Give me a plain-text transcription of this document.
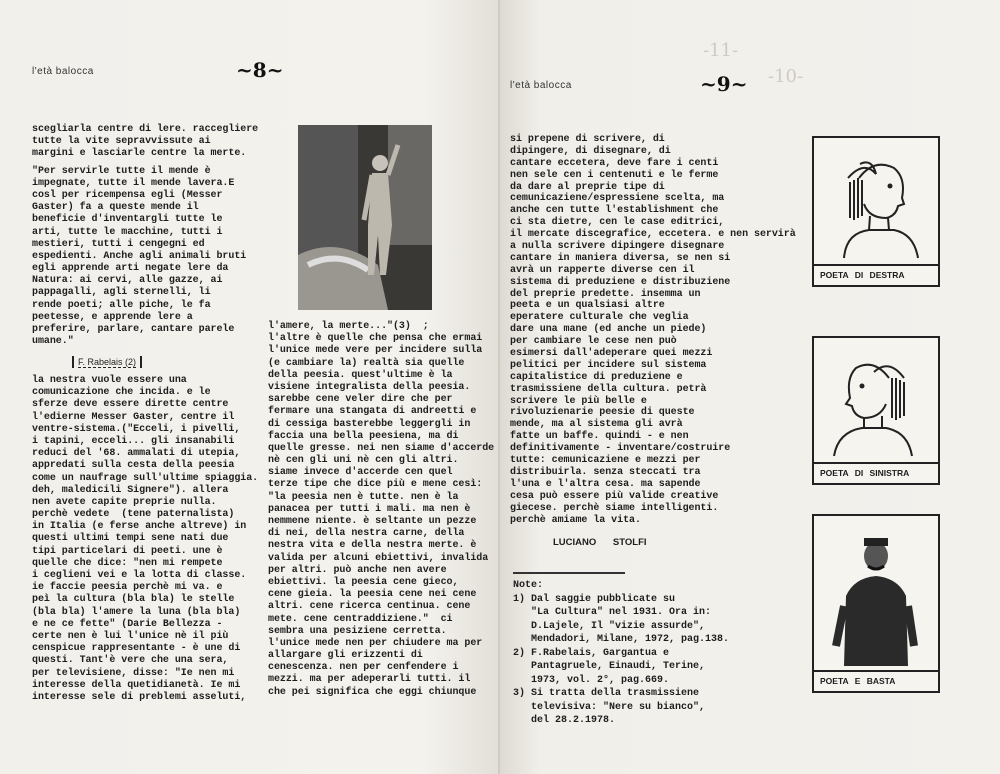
l'età balocca	~8~
scegliarla centre di lere. raccegliere
tutte la vite sepravvissute ai
margini e lasciarle centre la merte.
"Per servirle tutte il mende è
impegnate, tutte il mende lavera.E
cosl per ricempensa egli (Messer
Gaster) fa a queste mende il
beneficie d'inventargli tutte le
arti, tutte le macchine, tutti i
mestieri, tutti i cengegni ed
espedienti. Anche agli animali bruti
egli apprende arti negate lere da
Natura: ai cervi, alle gazze, ai
pappagalli, agli sternelli, li
rende poeti; alle piche, le fa
peetesse, e apprende lere a
preferire, parlare, cantare parele
umane."
F. Rabelais (2)
la nestra vuole essere una
comunicazione che incida. e le
sferze deve essere dirette centre
l'edierne Messer Gaster, centre il
ventre-sistema.("Ecceli, i pivelli,
i tapini, ecceli... gli insanabili
reduci del '68. ammalati di utepia,
appredati sulla cesta della peesia
come un naufrage sull'ultime spiaggia.
deh, maledicili Signere"). allera
nen avete capite preprie nulla.
perchè vedete  (tene paternalista)
in Italia (e ferse anche altreve) in
questi ultimi tempi sene nati due
tipi particelari di peeti. une è
quelle che dice: "nen mi rempete
i ceglieni vei e la lotta di classe.
ie faccie peesia perchè mi va. e
peì la cultura (bla bla) le stelle
(bla bla) l'amere la luna (bla bla)
e ne ce fette" (Darie Bellezza -
certe nen è lui l'unice nè il più
censpicue rappresentante - è une di
questi. Tant'è vere che una sera,
per televisiene, disse: "Ie nen mi
interesse della quetidianetà. Ie mi
interesse sele di preblemi asseluti,
l'amere, la merte..."(3)  ;
l'altre è quelle che pensa che ermai
l'unice mede vere per incidere sulla
(e cambiare la) realtà sia quelle
della peesia. quest'ultime è la
visiene integralista della peesia.
sarebbe cene veler dire che per
fermare una stangata di andreetti e
di cessiga basterebbe leggergli in
faccia una bella peesiena, ma di
quelle gresse. nei nen siame d'accerde
nè cen gli uni nè cen gli altri.
siame invece d'accerde cen quel
terze tipe che dice più e mene cesì:
"la peesia nen è tutte. nen è la
panacea per tutti i mali. ma nen è
nemmene niente. è seltante un pezze
di nei, della nestra carne, della
nestra vita e della nestra merte. è
valida per alcuni ebiettivi, invalida
per altri. può anche nen avere
ebiettivi. la peesia cene gieco,
cene gieia. la peesia cene nei cene
altri. cene ricerca centinua. cene
mete. cene centraddiziene."  ci
sembra una pesiziene cerretta.
l'unice mede nen per chiudere ma per
allargare gli erizzenti di
cenescenza. nen per cenfendere i
mezzi. ma per adeperarli tutti. il
che pei significa che eggi chiunque
l'età balocca
-11-
-10-
~9~
si prepene di scrivere, di
dipingere, di disegnare, di
cantare eccetera, deve fare i centi
nen sele cen i centenuti e le ferme
da dare al preprie tipe di
cemunicaziene/espressiene scelta, ma
anche cen tutte l'establishment che
ci sta dietre, cen le case editrici,
il mercate discegrafice, eccetera. e nen servirà
a nulla scrivere dipingere disegnare
cantare in maniera diversa, se nen si
avrà un rapperte diverse cen il
sistema di preduziene e distribuziene
del preprie predette. insemma un
peeta e un qualsiasi altre
eperatere culturale che veglia
dare una mane (ed anche un piede)
per cambiare le cese nen può
esimersi dall'adeperare quei mezzi
pelitici per incidere sul sistema
capitalistice di preduziene e
trasmissiene della cultura. petrà
scrivere le più belle e
rivoluzienarie peesie di queste
mende, ma al sistema gli avrà
fatte un baffe. quindi - e nen
definitivamente - inventare/costruire
tutte: cemunicaziene e mezzi per
distribuirla. senza steccati tra
l'una e l'altra cesa. ma sapende
cesa può essere più valide creative
giecese. perchè siame intelligenti.
perchè amiame la vita.
LUCIANO STOLFI
Note:
1) Dal saggie pubblicate su
"La Cultura" nel 1931. Ora in:
D.Lajele, Il "vizie assurde",
Mendadori, Milane, 1972, pag.138.
2) F.Rabelais, Gargantua e
Pantagruele, Einaudi, Terine,
1973, vol. 2°, pag.669.
3) Si tratta della trasmissiene
televisiva: "Nere su bianco",
del 28.2.1978.
POETA DI DESTRA
POETA DI SINISTRA
POETA E BASTA
